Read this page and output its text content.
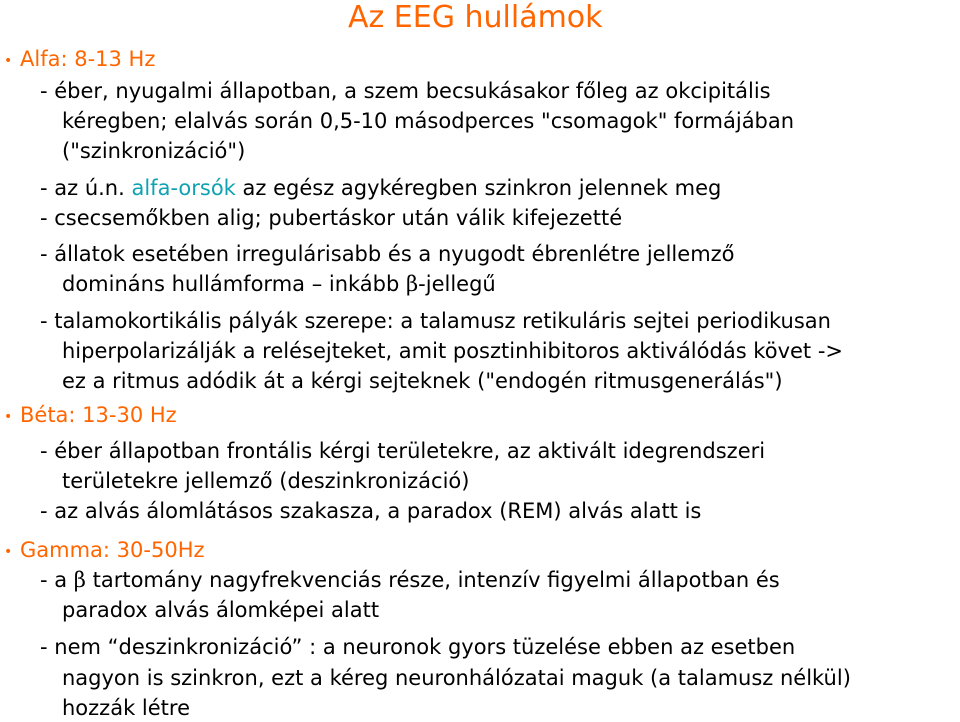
Az EEG hullámok
• Alfa: 8-13 Hz
- éber, nyugalmi állapotban, a szem becsukásakor főleg az okcipitális
kéregben; elalvás során 0,5-10 másodperces "csomagok" formájában
("szinkronizáció")
- az ú.n. alfa-orsók az egész agykéregben szinkron jelennek meg
- csecsemőkben alig; pubertáskor után válik kifejezetté
- állatok esetében irregulárisabb és a nyugodt ébrenlétre jellemző
domináns hullámforma – inkább β-jellegű
- talamokortikális pályák szerepe: a talamusz retikuláris sejtei periodikusan
hiperpolarizálják a relésejteket, amit posztinhibitoros aktiválódás követ ->
ez a ritmus adódik át a kérgi sejteknek ("endogén ritmusgenerálás")
• Béta: 13-30 Hz
- éber állapotban frontális kérgi területekre, az aktivált idegrendszeri
területekre jellemző (deszinkronizáció)
- az alvás álomlátásos szakasza, a paradox (REM) alvás alatt is
• Gamma: 30-50Hz
- a β tartomány nagyfrekvenciás része, intenzív figyelmi állapotban és
paradox alvás álomképei alatt
- nem “deszinkronizáció” : a neuronok gyors tüzelése ebben az esetben
nagyon is szinkron, ezt a kéreg neuronhálózatai maguk (a talamusz nélkül)
hozzák létre
